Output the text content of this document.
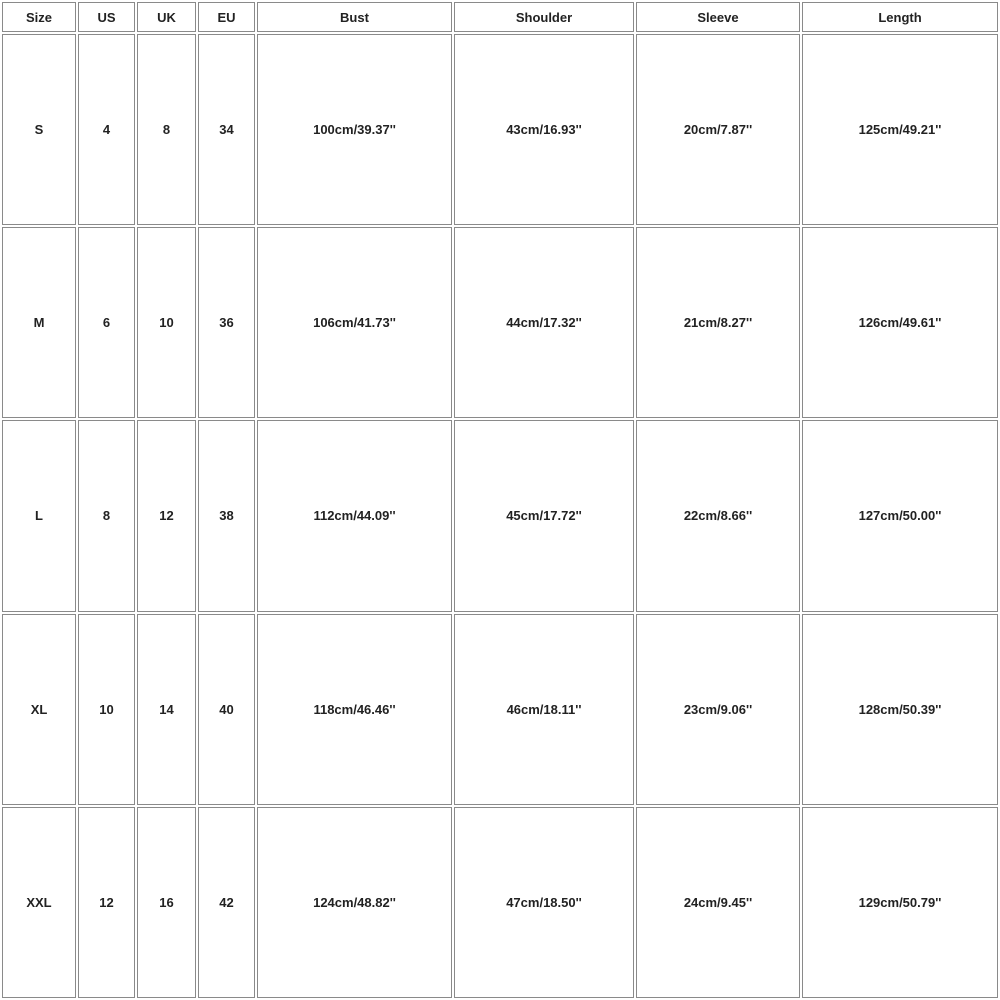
Size	US	UK	EU	Bust	Shoulder	Sleeve	Length
S	4	8	34	100cm/39.37''	43cm/16.93''	20cm/7.87''	125cm/49.21''
M	6	10	36	106cm/41.73''	44cm/17.32''	21cm/8.27''	126cm/49.61''
L	8	12	38	112cm/44.09''	45cm/17.72''	22cm/8.66''	127cm/50.00''
XL	10	14	40	118cm/46.46''	46cm/18.11''	23cm/9.06''	128cm/50.39''
XXL	12	16	42	124cm/48.82''	47cm/18.50''	24cm/9.45''	129cm/50.79''
